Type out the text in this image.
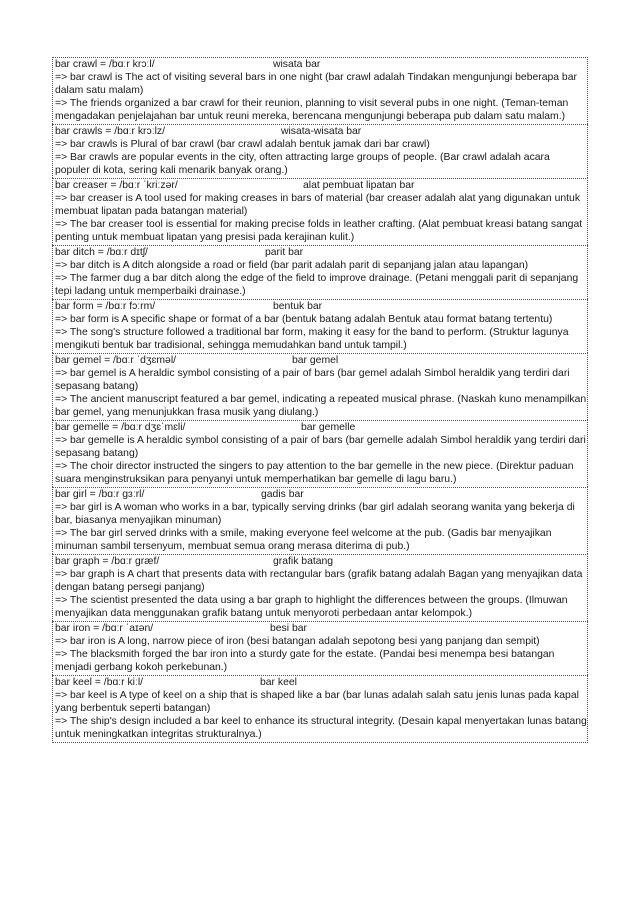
bar crawl = /bɑːr krɔːl/	wisata bar
=> bar crawl is The act of visiting several bars in one night (bar crawl adalah Tindakan mengunjungi beberapa bar dalam satu malam)
=> The friends organized a bar crawl for their reunion, planning to visit several pubs in one night. (Teman-teman mengadakan penjelajahan bar untuk reuni mereka, berencana mengunjungi beberapa pub dalam satu malam.)
bar crawls = /bɑːr krɔːlz/	wisata-wisata bar
=> bar crawls is Plural of bar crawl (bar crawl adalah bentuk jamak dari bar crawl)
=> Bar crawls are popular events in the city, often attracting large groups of people. (Bar crawl adalah acara populer di kota, sering kali menarik banyak orang.)
bar creaser = /bɑːr ˈkriːzər/	alat pembuat lipatan bar
=> bar creaser is A tool used for making creases in bars of material (bar creaser adalah alat yang digunakan untuk membuat lipatan pada batangan material)
=> The bar creaser tool is essential for making precise folds in leather crafting. (Alat pembuat kreasi batang sangat penting untuk membuat lipatan yang presisi pada kerajinan kulit.)
bar ditch = /bɑːr dɪtʃ/	parit bar
=> bar ditch is A ditch alongside a road or field (bar parit adalah parit di sepanjang jalan atau lapangan)
=> The farmer dug a bar ditch along the edge of the field to improve drainage. (Petani menggali parit di sepanjang tepi ladang untuk memperbaiki drainase.)
bar form = /bɑːr fɔːrm/	bentuk bar
=> bar form is A specific shape or format of a bar (bentuk batang adalah Bentuk atau format batang tertentu)
=> The song's structure followed a traditional bar form, making it easy for the band to perform. (Struktur lagunya mengikuti bentuk bar tradisional, sehingga memudahkan band untuk tampil.)
bar gemel = /bɑːr ˈdʒɛməl/	bar gemel
=> bar gemel is A heraldic symbol consisting of a pair of bars (bar gemel adalah Simbol heraldik yang terdiri dari sepasang batang)
=> The ancient manuscript featured a bar gemel, indicating a repeated musical phrase. (Naskah kuno menampilkan bar gemel, yang menunjukkan frasa musik yang diulang.)
bar gemelle = /bɑːr dʒɛˈmɛli/	bar gemelle
=> bar gemelle is A heraldic symbol consisting of a pair of bars (bar gemelle adalah Simbol heraldik yang terdiri dari sepasang batang)
=> The choir director instructed the singers to pay attention to the bar gemelle in the new piece. (Direktur paduan suara menginstruksikan para penyanyi untuk memperhatikan bar gemelle di lagu baru.)
bar girl = /bɑːr ɡɜːrl/	gadis bar
=> bar girl is A woman who works in a bar, typically serving drinks (bar girl adalah seorang wanita yang bekerja di bar, biasanya menyajikan minuman)
=> The bar girl served drinks with a smile, making everyone feel welcome at the pub. (Gadis bar menyajikan minuman sambil tersenyum, membuat semua orang merasa diterima di pub.)
bar graph = /bɑːr ɡræf/	grafik batang
=> bar graph is A chart that presents data with rectangular bars (grafik batang adalah Bagan yang menyajikan data dengan batang persegi panjang)
=> The scientist presented the data using a bar graph to highlight the differences between the groups. (Ilmuwan menyajikan data menggunakan grafik batang untuk menyoroti perbedaan antar kelompok.)
bar iron = /bɑːr ˈaɪən/	besi bar
=> bar iron is A long, narrow piece of iron (besi batangan adalah sepotong besi yang panjang dan sempit)
=> The blacksmith forged the bar iron into a sturdy gate for the estate. (Pandai besi menempa besi batangan menjadi gerbang kokoh perkebunan.)
bar keel = /bɑːr kiːl/	bar keel
=> bar keel is A type of keel on a ship that is shaped like a bar (bar lunas adalah salah satu jenis lunas pada kapal yang berbentuk seperti batangan)
=> The ship's design included a bar keel to enhance its structural integrity. (Desain kapal menyertakan lunas batang untuk meningkatkan integritas strukturalnya.)
